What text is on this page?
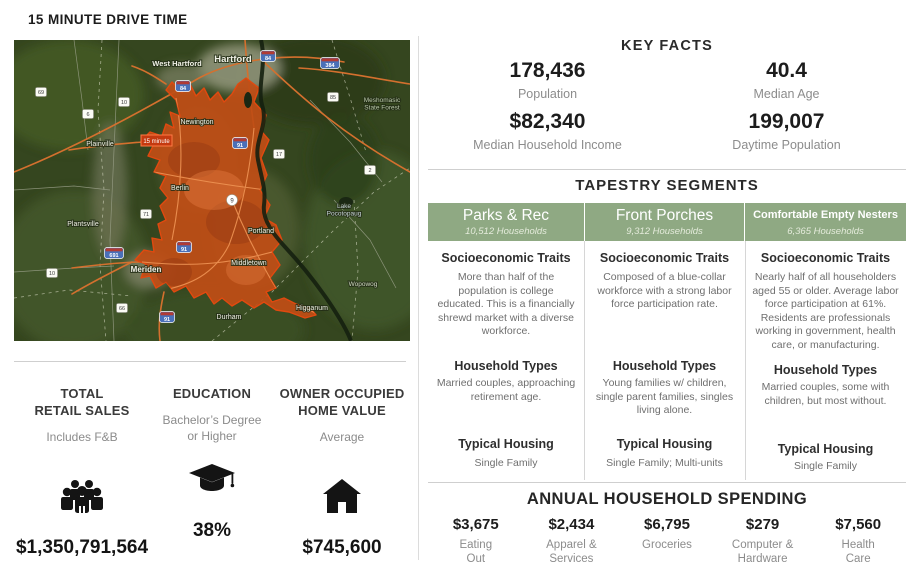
15 MINUTE DRIVE TIME
84
84
384
91
91
91
691
69
10
6
85
17
2
71
10
66
9
West Hartford Hartford
Newington
Plainville
Berlin
Plantsville
Meriden
Portland
Middletown
Durham
Higganum
Wopowog
Lake Pocotopaug
Meshomasic State Forest
15 minute
KEY FACTS
178,436
Population
40.4
Median Age
$82,340
Median Household Income
199,007
Daytime Population
TAPESTRY SEGMENTS
Parks & Rec
10,512 Households
Front Porches
9,312 Households
Comfortable Empty Nesters
6,365 Households
Socioeconomic Traits
More than half of the population is college educated. This is a financially shrewd market with a diverse workforce.
Household Types
Married couples, approaching retirement age.
Typical Housing
Single Family
Socioeconomic Traits
Composed of a blue-collar workforce with a strong labor force participation rate.
Household Types
Young families w/ children, single parent families, singles living alone.
Typical Housing
Single Family; Multi-units
Socioeconomic Traits
Nearly half of all householders aged 55 or older. Average labor force participation at 61%. Residents are professionals working in government, health care, or manufacturing.
Household Types
Married couples, some with children, but most without.
Typical Housing
Single Family
TOTAL
RETAIL SALES
Includes F&B
$1,350,791,564
EDUCATION
Bachelor’s Degree
or Higher
38%
OWNER OCCUPIED
HOME VALUE
Average
$745,600
ANNUAL HOUSEHOLD SPENDING
$3,675
Eating
Out
$2,434
Apparel &
Services
$6,795
Groceries
$279
Computer &
Hardware
$7,560
Health
Care
